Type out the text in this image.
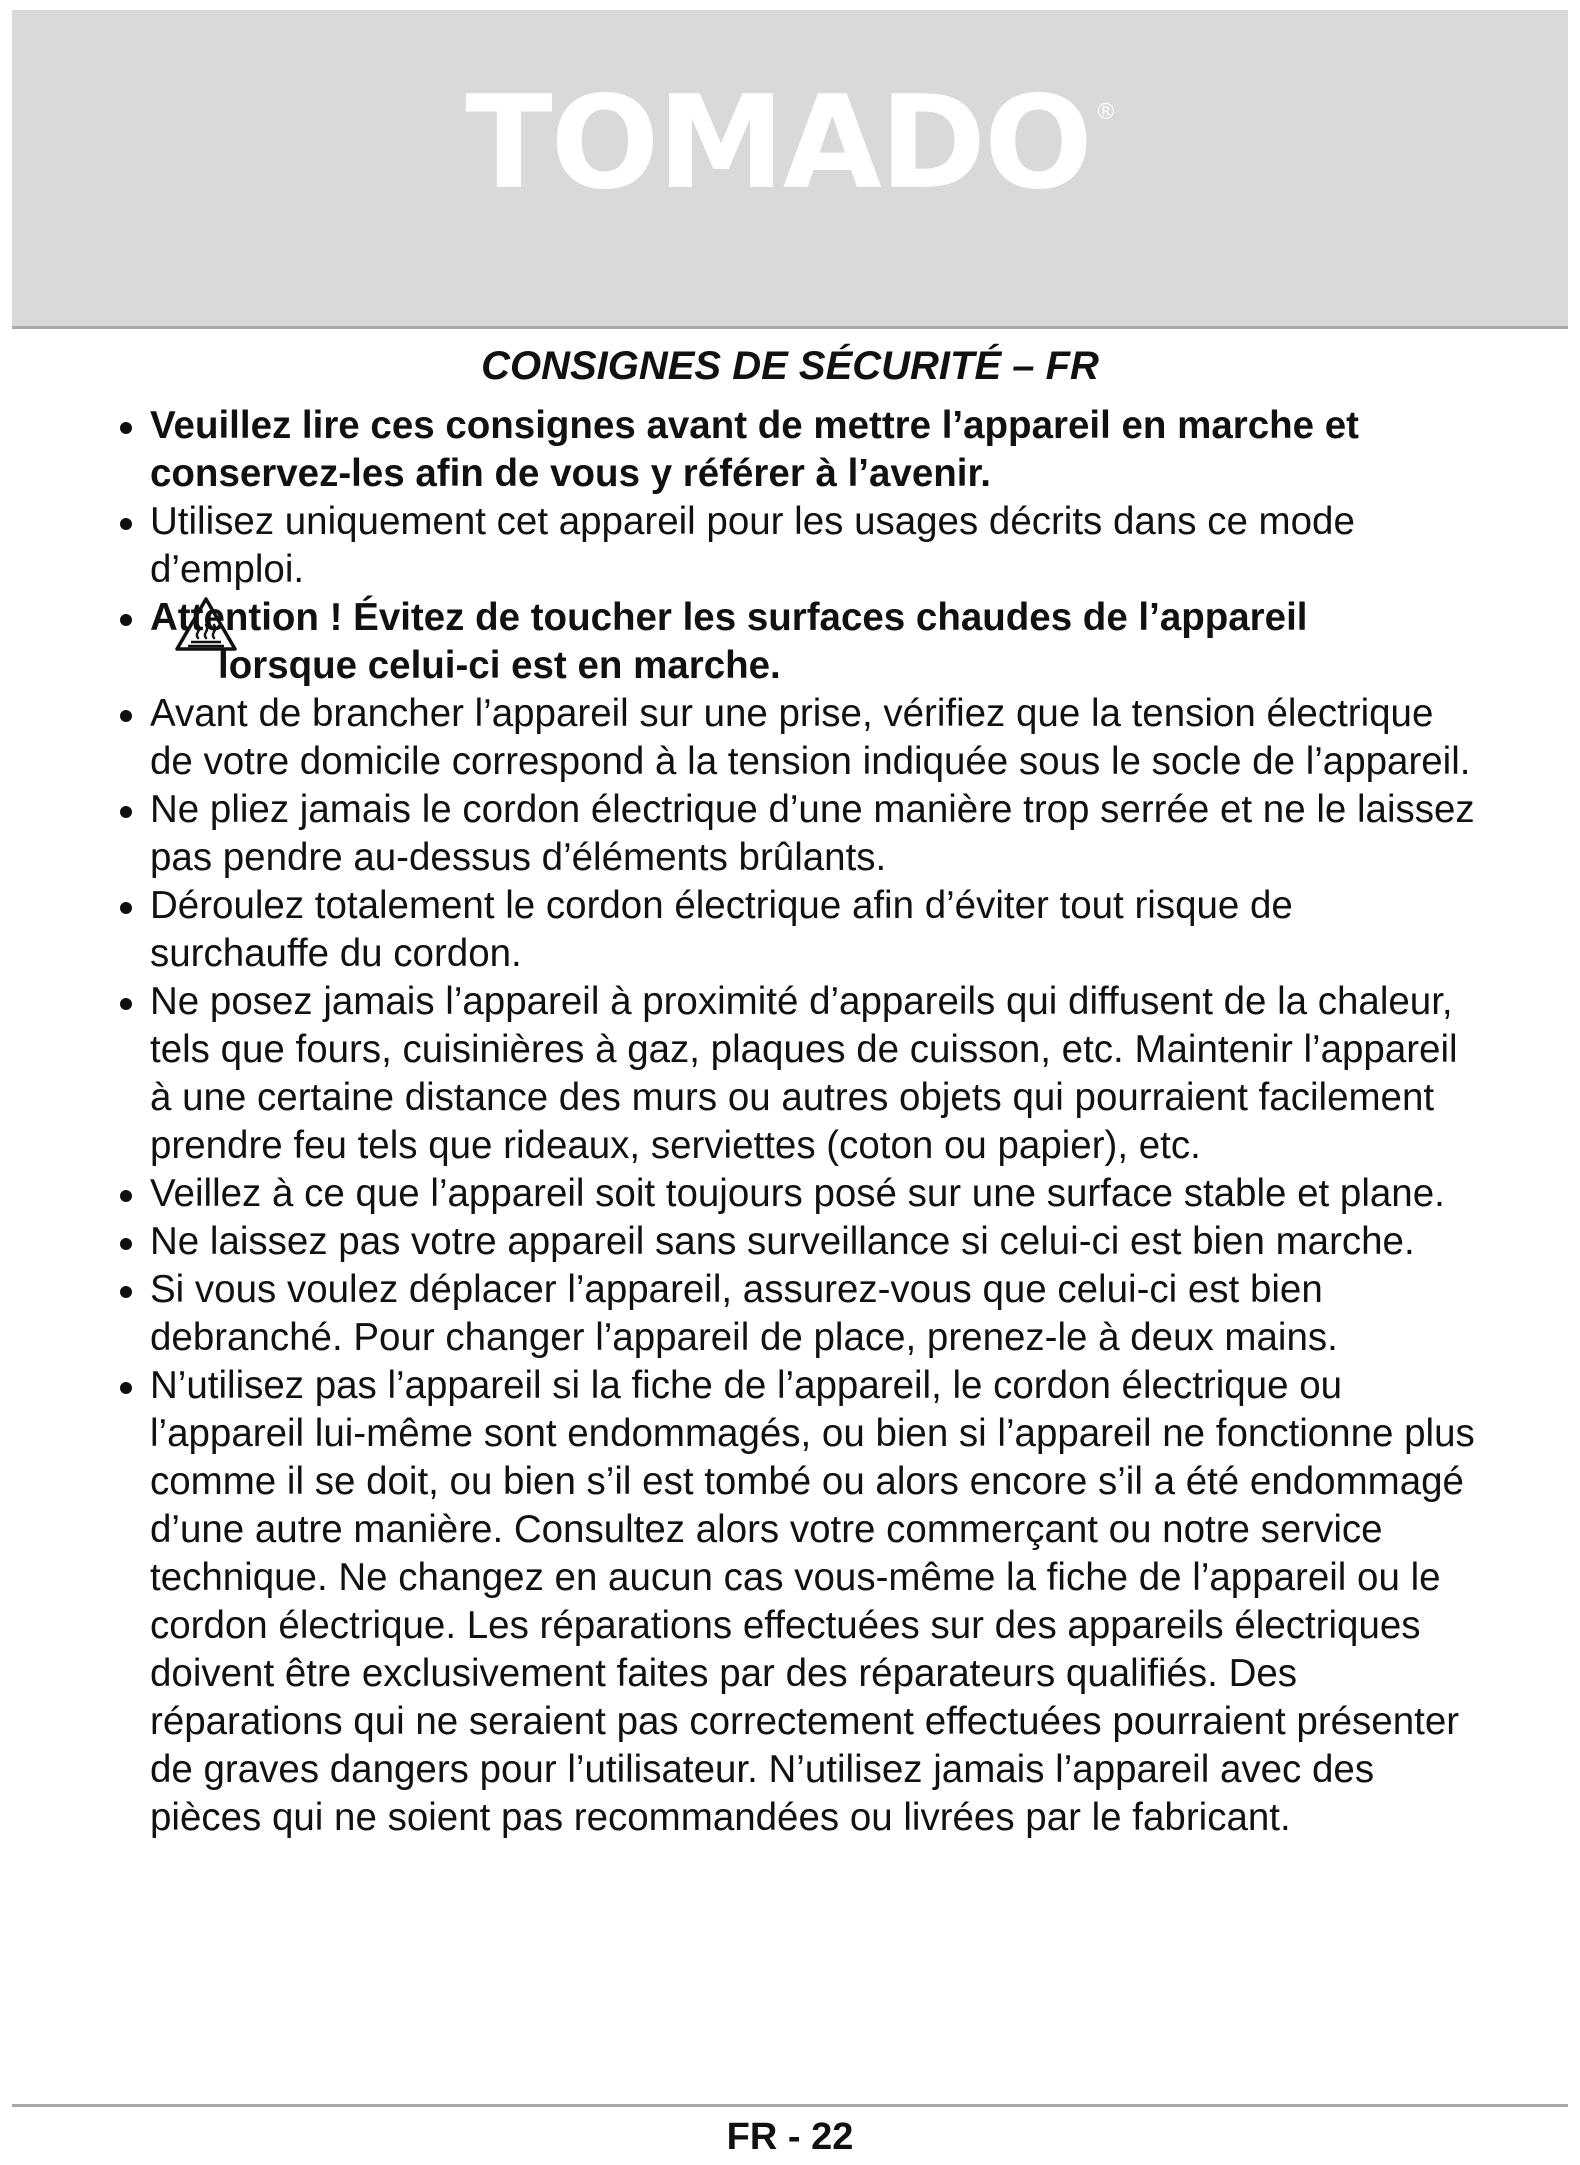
TOMADO ®
CONSIGNES DE SÉCURITÉ – FR
Veuillez lire ces consignes avant de mettre l’appareil en marche et conservez-les afin de vous y référer à l’avenir.
Utilisez uniquement cet appareil pour les usages décrits dans ce mode d’emploi.
Attention ! Évitez de toucher les surfaces chaudes de l’appareil
lorsque celui-ci est en marche.
Avant de brancher l’appareil sur une prise, vérifiez que la tension électrique de votre domicile correspond à la tension indiquée sous le socle de l’appareil.
Ne pliez jamais le cordon électrique d’une manière trop serrée et ne le laissez pas pendre au-dessus d’éléments brûlants.
Déroulez totalement le cordon électrique afin d’éviter tout risque de surchauffe du cordon.
Ne posez jamais l’appareil à proximité d’appareils qui diffusent de la chaleur, tels que fours, cuisinières à gaz, plaques de cuisson, etc. Maintenir l’appareil à une certaine distance des murs ou autres objets qui pourraient facilement prendre feu tels que rideaux, serviettes (coton ou papier), etc.
Veillez à ce que l’appareil soit toujours posé sur une surface stable et plane.
Ne laissez pas votre appareil sans surveillance si celui-ci est bien marche.
Si vous voulez déplacer l’appareil, assurez-vous que celui-ci est bien debranché. Pour changer l’appareil de place, prenez-le à deux mains.
N’utilisez pas l’appareil si la fiche de l’appareil, le cordon électrique ou l’appareil lui-même sont endommagés, ou bien si l’appareil ne fonctionne plus comme il se doit, ou bien s’il est tombé ou alors encore s’il a été endommagé d’une autre manière. Consultez alors votre commerçant ou notre service technique. Ne changez en aucun cas vous-même la fiche de l’appareil ou le cordon électrique. Les réparations effectuées sur des appareils électriques doivent être exclusivement faites par des réparateurs qualifiés. Des réparations qui ne seraient pas correctement effectuées pourraient présenter de graves dangers pour l’utilisateur. N’utilisez jamais l’appareil avec des pièces qui ne soient pas recommandées ou livrées par le fabricant.
FR - 22
